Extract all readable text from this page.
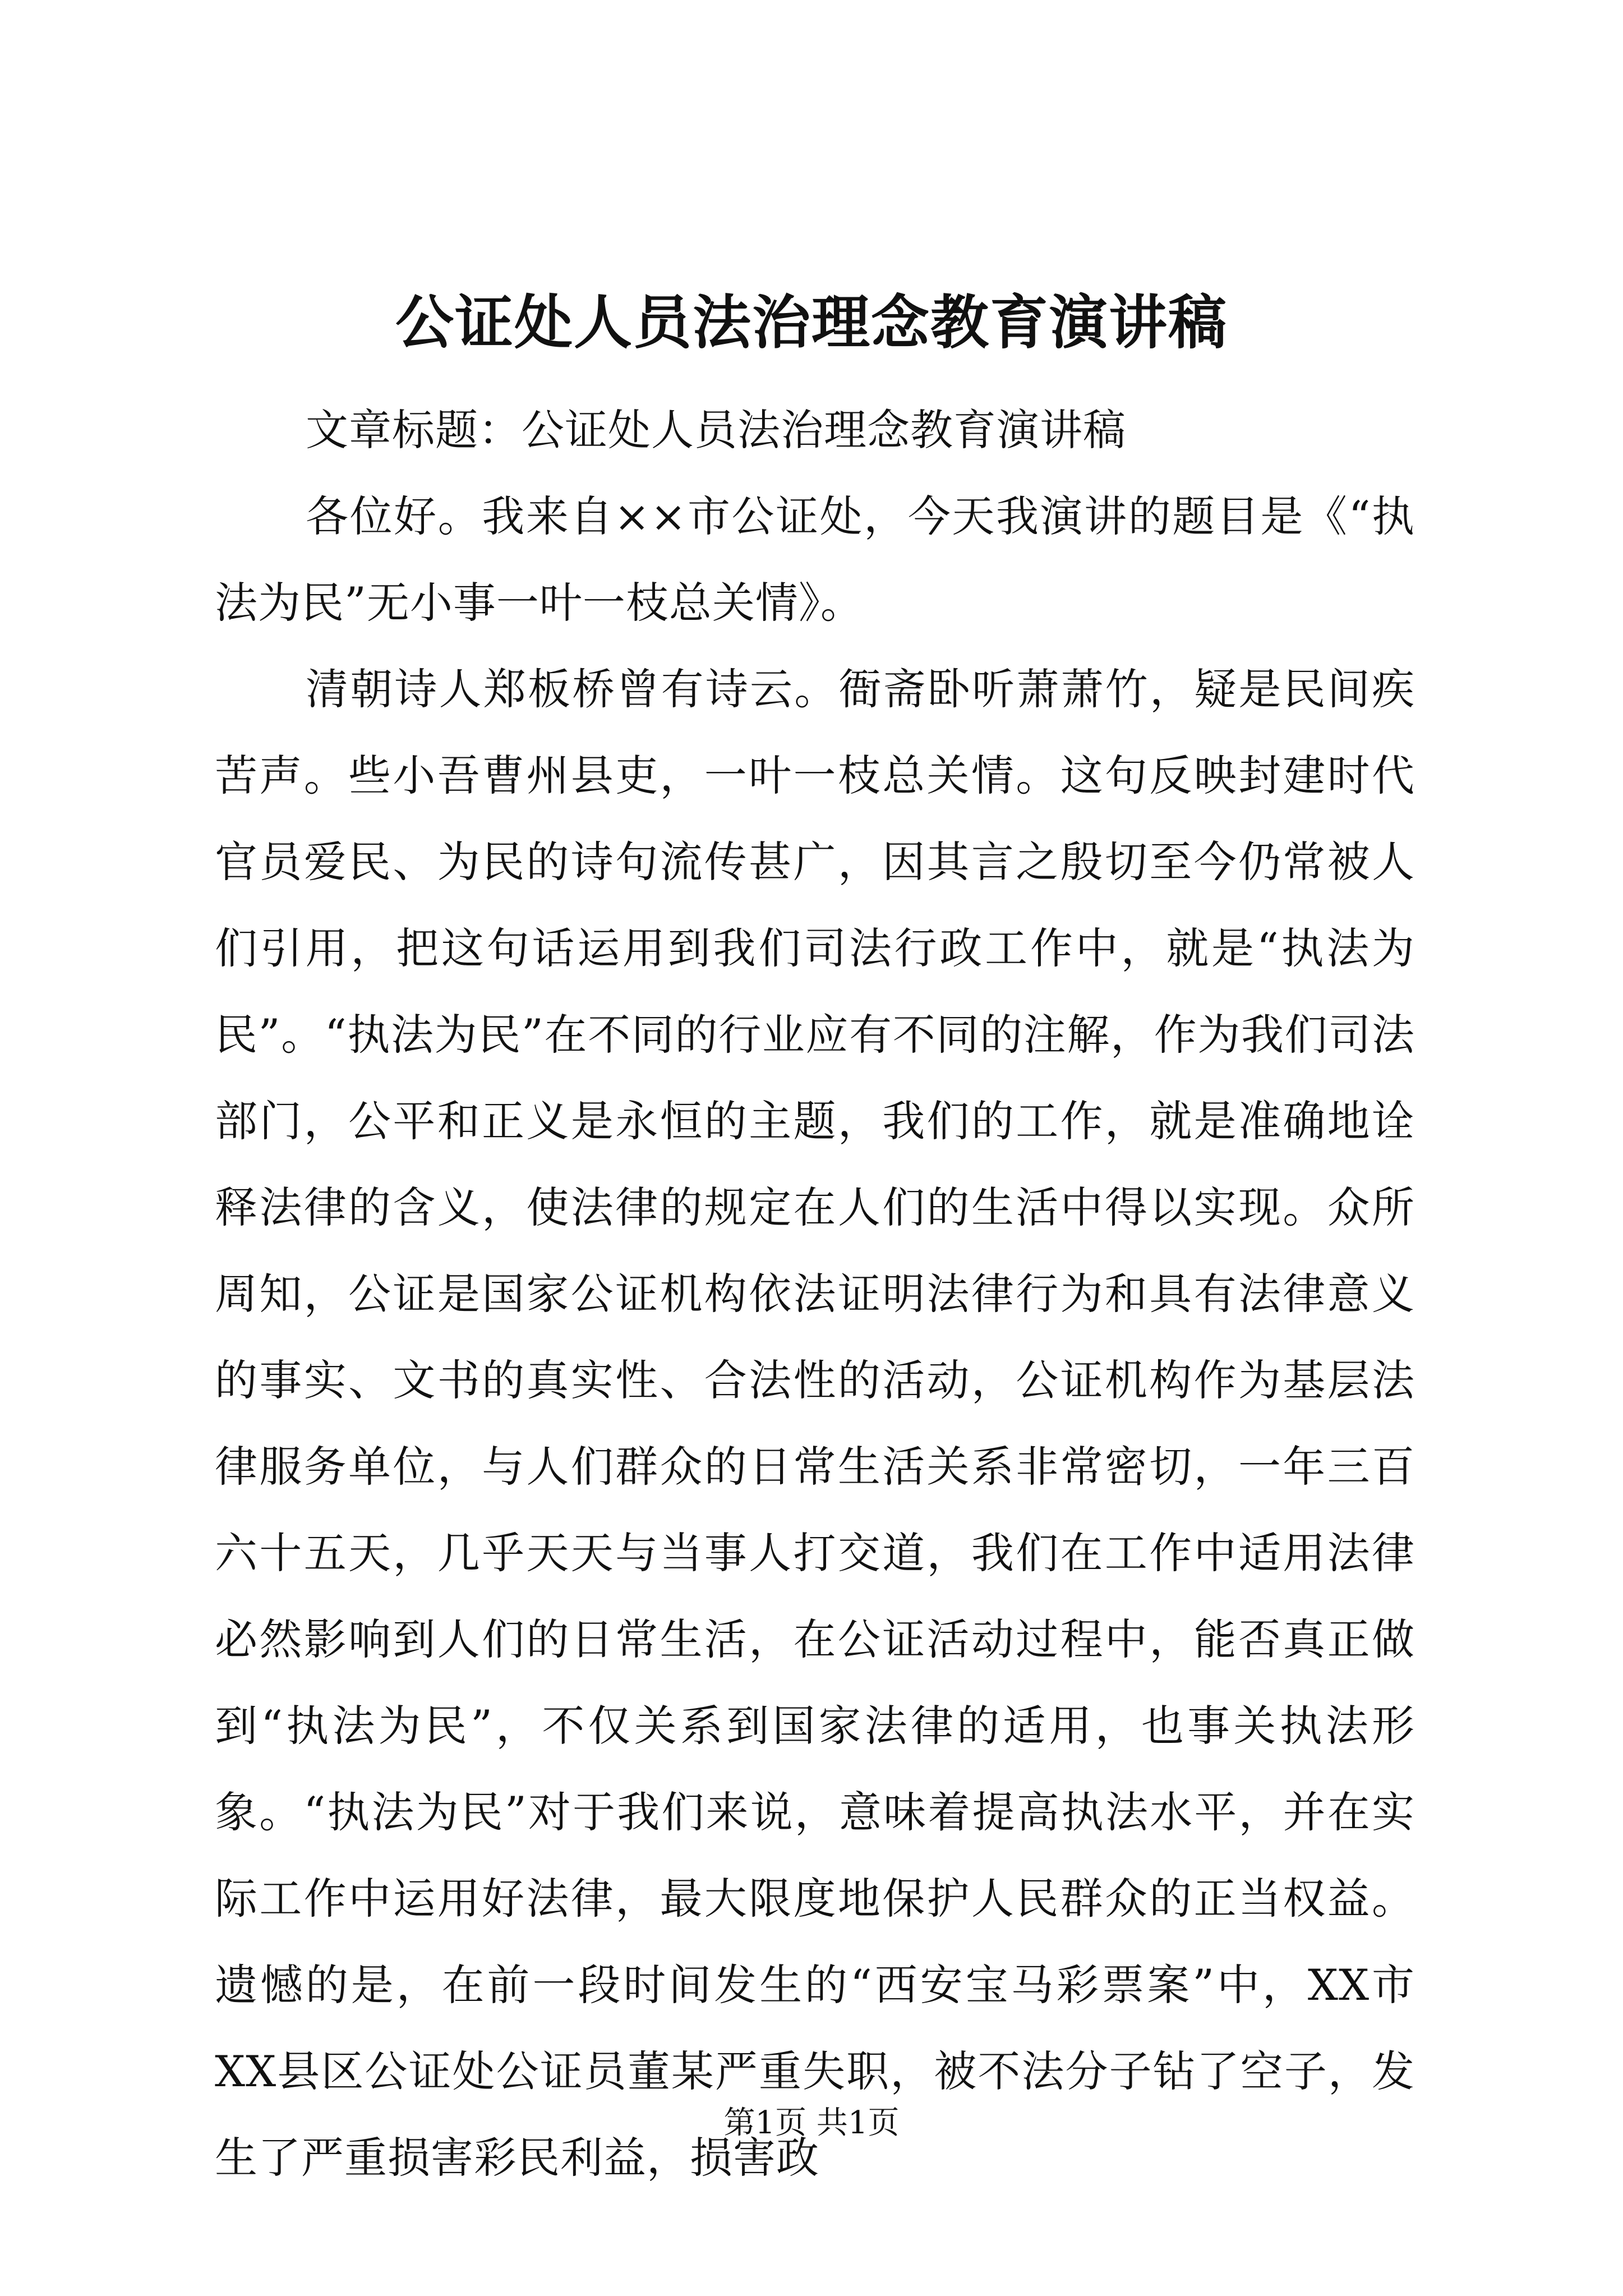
公证处人员法治理念教育演讲稿

文章标题：公证处人员法治理念教育演讲稿

各位好。我来自××市公证处，今天我演讲的题目是《“执法为民”无小事一叶一枝总关情》。

清朝诗人郑板桥曾有诗云。衙斋卧听萧萧竹，疑是民间疾苦声。些小吾曹州县吏，一叶一枝总关情。这句反映封建时代官员爱民、为民的诗句流传甚广，因其言之殷切至今仍常被人们引用，把这句话运用到我们司法行政工作中，就是“执法为民”。“执法为民”在不同的行业应有不同的注解，作为我们司法部门，公平和正义是永恒的主题，我们的工作，就是准确地诠释法律的含义，使法律的规定在人们的生活中得以实现。众所周知，公证是国家公证机构依法证明法律行为和具有法律意义的事实、文书的真实性、合法性的活动，公证机构作为基层法律服务单位，与人们群众的日常生活关系非常密切，一年三百六十五天，几乎天天与当事人打交道，我们在工作中适用法律必然影响到人们的日常生活，在公证活动过程中，能否真正做到“执法为民”，不仅关系到国家法律的适用，也事关执法形象。“执法为民”对于我们来说，意味着提高执法水平，并在实际工作中运用好法律，最大限度地保护人民群众的正当权益。遗憾的是，在前一段时间发生的“西安宝马彩票案”中，XX市XX县区公证处公证员董某严重失职，被不法分子钻了空子，发生了严重损害彩民利益，损害政

第1页 共1页
